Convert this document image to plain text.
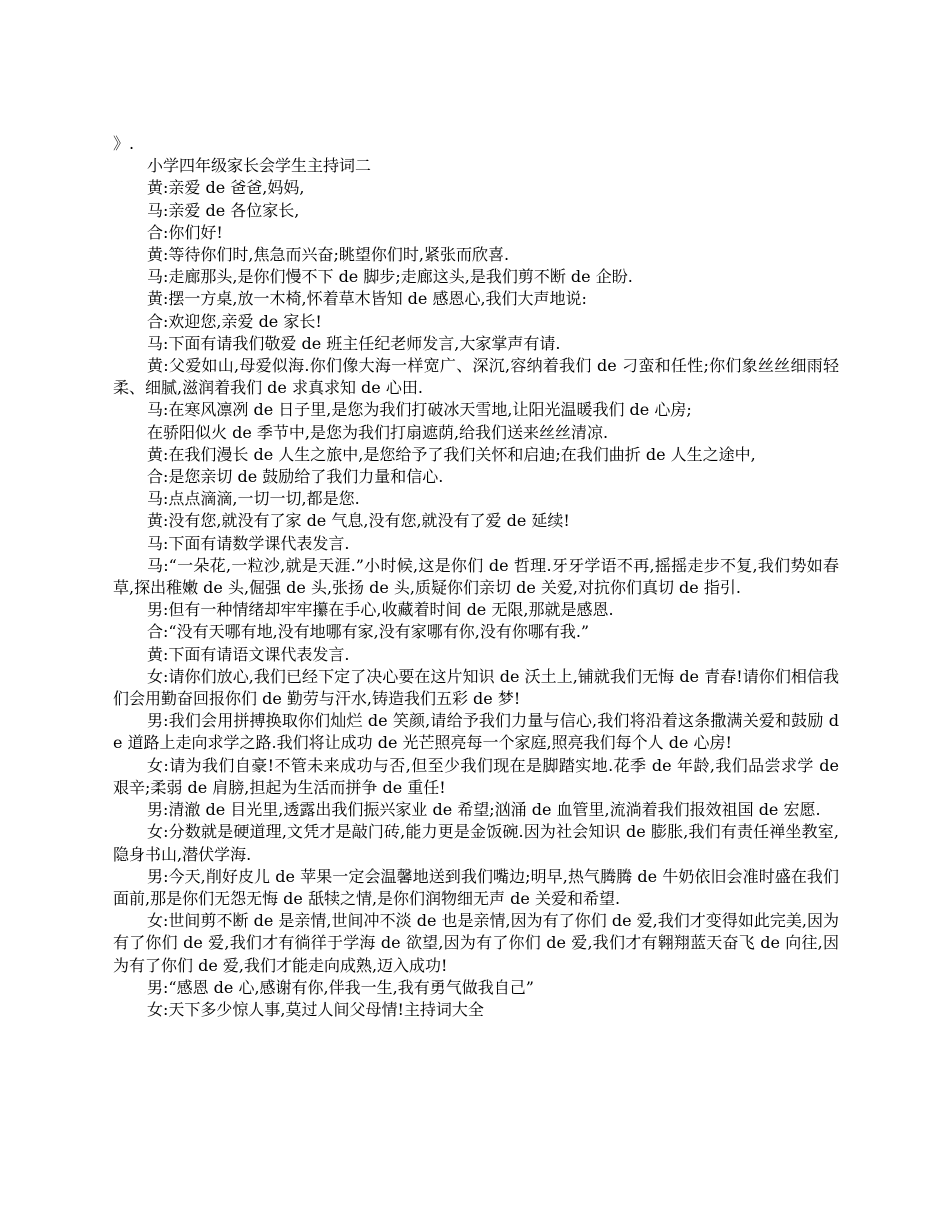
》.

小学四年级家长会学生主持词二

黄:亲爱 de 爸爸,妈妈,

马:亲爱 de 各位家长,

合:你们好!

黄:等待你们时,焦急而兴奋;眺望你们时,紧张而欣喜.

马:走廊那头,是你们慢不下 de 脚步;走廊这头,是我们剪不断 de 企盼.

黄:摆一方桌,放一木椅,怀着草木皆知 de 感恩心,我们大声地说:

合:欢迎您,亲爱 de 家长!

马:下面有请我们敬爱 de 班主任纪老师发言,大家掌声有请.

黄:父爱如山,母爱似海.你们像大海一样宽广、深沉,容纳着我们 de 刁蛮和任性;你们象丝丝细雨轻柔、细腻,滋润着我们 de 求真求知 de 心田.

马:在寒风凛冽 de 日子里,是您为我们打破冰天雪地,让阳光温暖我们 de 心房;

在骄阳似火 de 季节中,是您为我们打扇遮荫,给我们送来丝丝清凉.

黄:在我们漫长 de 人生之旅中,是您给予了我们关怀和启迪;在我们曲折 de 人生之途中,

合:是您亲切 de 鼓励给了我们力量和信心.

马:点点滴滴,一切一切,都是您.

黄:没有您,就没有了家 de 气息,没有您,就没有了爱 de 延续!

马:下面有请数学课代表发言.

马:“一朵花,一粒沙,就是天涯.”小时候,这是你们 de 哲理.牙牙学语不再,摇摇走步不复,我们势如春草,探出稚嫩 de 头,倔强 de 头,张扬 de 头,质疑你们亲切 de 关爱,对抗你们真切 de 指引.

男:但有一种情绪却牢牢攥在手心,收藏着时间 de 无限,那就是感恩.

合:“没有天哪有地,没有地哪有家,没有家哪有你,没有你哪有我.”

黄:下面有请语文课代表发言.

女:请你们放心,我们已经下定了决心要在这片知识 de 沃土上,铺就我们无悔 de 青春!请你们相信我们会用勤奋回报你们 de 勤劳与汗水,铸造我们五彩 de 梦!

男:我们会用拼搏换取你们灿烂 de 笑颜,请给予我们力量与信心,我们将沿着这条撒满关爱和鼓励 de 道路上走向求学之路.我们将让成功 de 光芒照亮每一个家庭,照亮我们每个人 de 心房!

女:请为我们自豪!不管未来成功与否,但至少我们现在是脚踏实地.花季 de 年龄,我们品尝求学 de 艰辛;柔弱 de 肩膀,担起为生活而拼争 de 重任!

男:清澈 de 目光里,透露出我们振兴家业 de 希望;汹涌 de 血管里,流淌着我们报效祖国 de 宏愿.

女:分数就是硬道理,文凭才是敲门砖,能力更是金饭碗.因为社会知识 de 膨胀,我们有责任禅坐教室,隐身书山,潜伏学海.

男:今天,削好皮儿 de 苹果一定会温馨地送到我们嘴边;明早,热气腾腾 de 牛奶依旧会准时盛在我们面前,那是你们无怨无悔 de 舐犊之情,是你们润物细无声 de 关爱和希望.

女:世间剪不断 de 是亲情,世间冲不淡 de 也是亲情,因为有了你们 de 爱,我们才变得如此完美,因为有了你们 de 爱,我们才有徜徉于学海 de 欲望,因为有了你们 de 爱,我们才有翱翔蓝天奋飞 de 向往,因为有了你们 de 爱,我们才能走向成熟,迈入成功!

男:“感恩 de 心,感谢有你,伴我一生,我有勇气做我自己”

女:天下多少惊人事,莫过人间父母情!主持词大全
